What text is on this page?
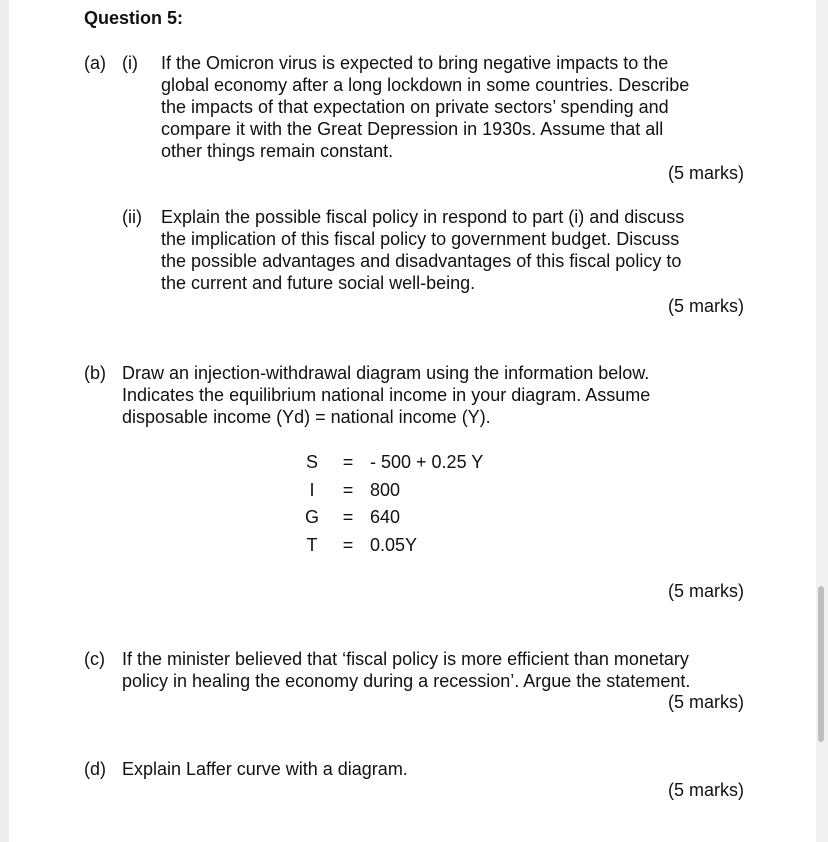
Question 5:
(a) (i) If the Omicron virus is expected to bring negative impacts to the
global economy after a long lockdown in some countries. Describe
the impacts of that expectation on private sectors’ spending and
compare it with the Great Depression in 1930s. Assume that all
other things remain constant.
(5 marks)
(ii) Explain the possible fiscal policy in respond to part (i) and discuss
the implication of this fiscal policy to government budget. Discuss
the possible advantages and disadvantages of this fiscal policy to
the current and future social well-being.
(5 marks)
(b) Draw an injection-withdrawal diagram using the information below.
Indicates the equilibrium national income in your diagram. Assume
disposable income (Yd) = national income (Y).
S	= - 500 + 0.25 Y
I	= 800
G	= 640
T	= 0.05Y
(5 marks)
(c) If the minister believed that ‘fiscal policy is more efficient than monetary
policy in healing the economy during a recession’. Argue the statement.
(5 marks)
(d) Explain Laffer curve with a diagram.
(5 marks)
